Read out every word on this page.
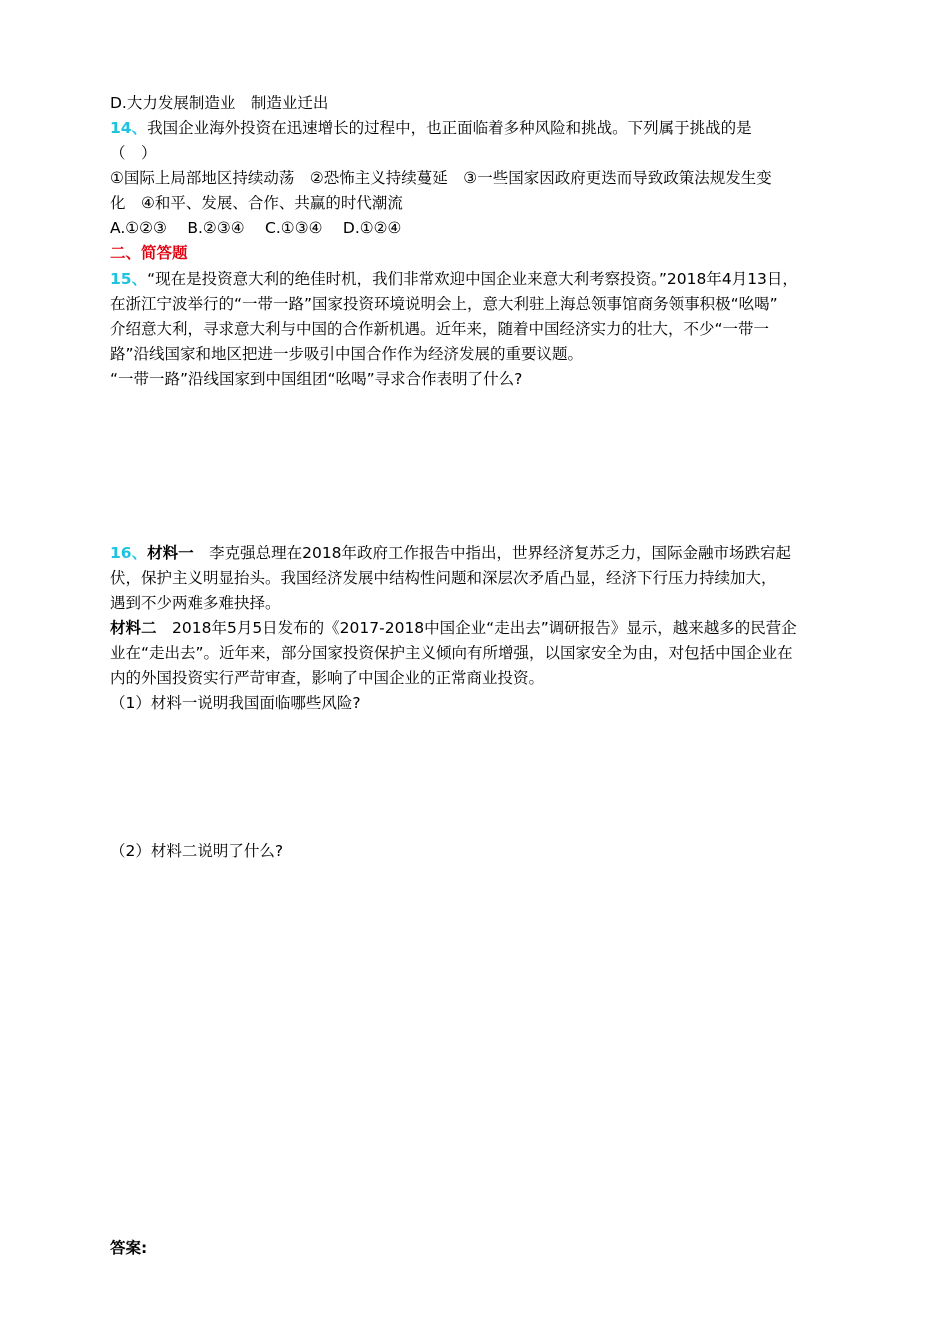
D.大力发展制造业　制造业迁出
14、我国企业海外投资在迅速增长的过程中，也正面临着多种风险和挑战。下列属于挑战的是
（　）
①国际上局部地区持续动荡　②恐怖主义持续蔓延　③一些国家因政府更迭而导致政策法规发生变
化　④和平、发展、合作、共赢的时代潮流
A.①②③　 B.②③④　 C.①③④　 D.①②④
二、简答题
15、“现在是投资意大利的绝佳时机，我们非常欢迎中国企业来意大利考察投资。”2018年4月13日，
在浙江宁波举行的“一带一路”国家投资环境说明会上，意大利驻上海总领事馆商务领事积极“吆喝”
介绍意大利，寻求意大利与中国的合作新机遇。近年来，随着中国经济实力的壮大，不少“一带一
路”沿线国家和地区把进一步吸引中国合作作为经济发展的重要议题。
“一带一路”沿线国家到中国组团“吆喝”寻求合作表明了什么?
16、材料一　李克强总理在2018年政府工作报告中指出，世界经济复苏乏力，国际金融市场跌宕起
伏，保护主义明显抬头。我国经济发展中结构性问题和深层次矛盾凸显，经济下行压力持续加大，
遇到不少两难多难抉择。
材料二　2018年5月5日发布的《2017-2018中国企业“走出去”调研报告》显示，越来越多的民营企
业在“走出去”。近年来，部分国家投资保护主义倾向有所增强，以国家安全为由，对包括中国企业在
内的外国投资实行严苛审查，影响了中国企业的正常商业投资。
（1）材料一说明我国面临哪些风险?
（2）材料二说明了什么?
答案:
